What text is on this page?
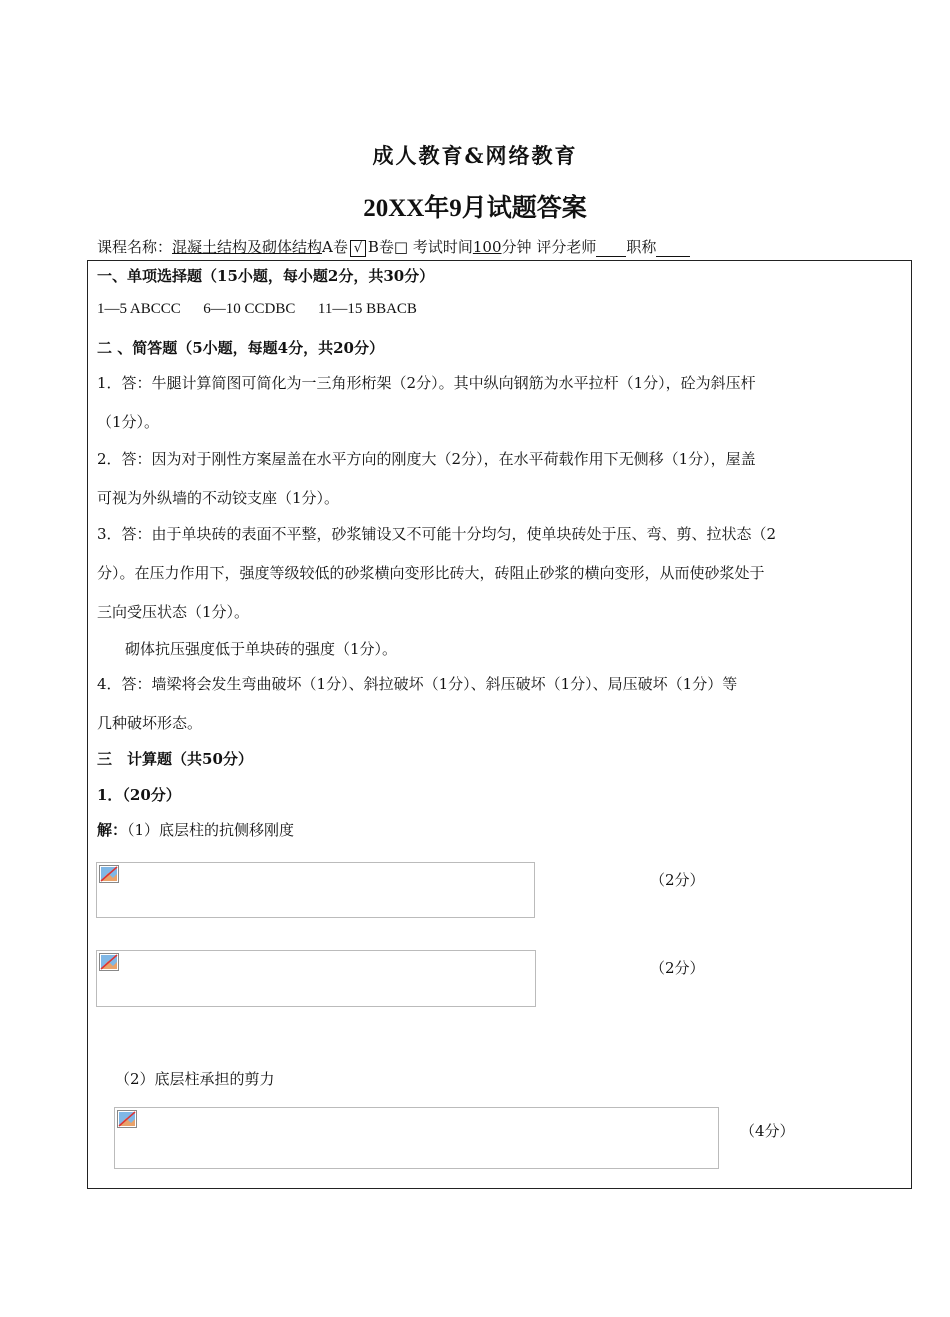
成人教育&网络教育
20XX年9月试题答案
课程名称：混凝土结构及砌体结构A卷 √ B卷□ 考试时间100分钟 评分老师 职称
一、单项选择题（15小题，每小题2分，共30分）
1—5 ABCCC      6—10 CCDBC      11—15 BBACB
二 、简答题（5小题，每题4分，共20分）
1．答：牛腿计算简图可简化为一三角形桁架（2分）。其中纵向钢筋为水平拉杆（1分），砼为斜压杆
（1分）。
2．答：因为对于刚性方案屋盖在水平方向的刚度大（2分），在水平荷载作用下无侧移（1分），屋盖
可视为外纵墙的不动铰支座（1分）。
3．答：由于单块砖的表面不平整，砂浆铺设又不可能十分均匀，使单块砖处于压、弯、剪、拉状态（2
分）。在压力作用下，强度等级较低的砂浆横向变形比砖大，砖阻止砂浆的横向变形，从而使砂浆处于
三向受压状态（1分）。
砌体抗压强度低于单块砖的强度（1分）。
4．答：墙梁将会发生弯曲破坏（1分）、斜拉破坏（1分）、斜压破坏（1分）、局压破坏（1分）等
几种破坏形态。
三　计算题（共50分）
1．（20分）
解：（1）底层柱的抗侧移刚度
（2分）
（2分）
（2）底层柱承担的剪力
（4分）
